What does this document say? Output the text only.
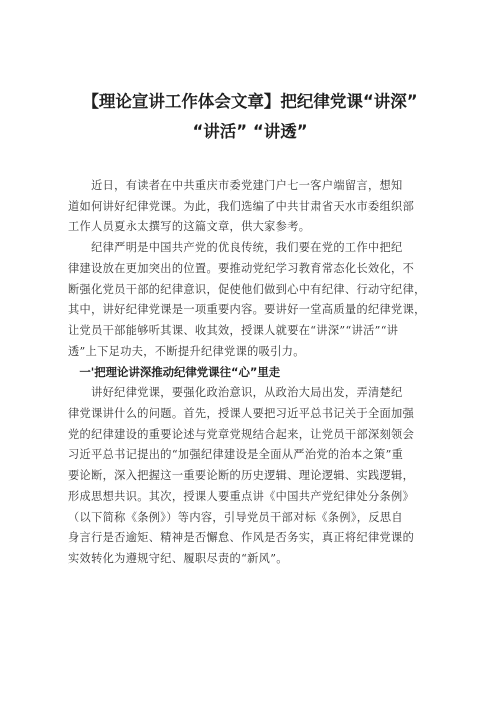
【理论宣讲工作体会文章】把纪律党课“讲深”
“讲活” “讲透”

　　近日，有读者在中共重庆市委党建门户七一客户端留言，想知

道如何讲好纪律党课。为此，我们选编了中共甘肃省天水市委组织部

工作人员夏永太撰写的这篇文章，供大家参考。

　　纪律严明是中国共产党的优良传统，我们要在党的工作中把纪

律建设放在更加突出的位置。要推动党纪学习教育常态化长效化，不

断强化党员干部的纪律意识，促使他们做到心中有纪律、行动守纪律，

其中，讲好纪律党课是一项重要内容。要讲好一堂高质量的纪律党课，

让党员干部能够听其课、收其效，授课人就要在“讲深”“讲活”“讲

透”上下足功夫，不断提升纪律党课的吸引力。

　一'把理论讲深推动纪律党课往“心”里走

　　讲好纪律党课，要强化政治意识，从政治大局出发，弄清楚纪

律党课讲什么的问题。首先，授课人要把习近平总书记关于全面加强

党的纪律建设的重要论述与党章党规结合起来，让党员干部深刻领会

习近平总书记提出的“加强纪律建设是全面从严治党的治本之策”重

要论断，深入把握这一重要论断的历史逻辑、理论逻辑、实践逻辑，

形成思想共识。其次，授课人要重点讲《中国共产党纪律处分条例》

（以下简称《条例》）等内容，引导党员干部对标《条例》，反思自

身言行是否逾矩、精神是否懈怠、作风是否务实，真正将纪律党课的

实效转化为遵规守纪、履职尽责的“新风”。
